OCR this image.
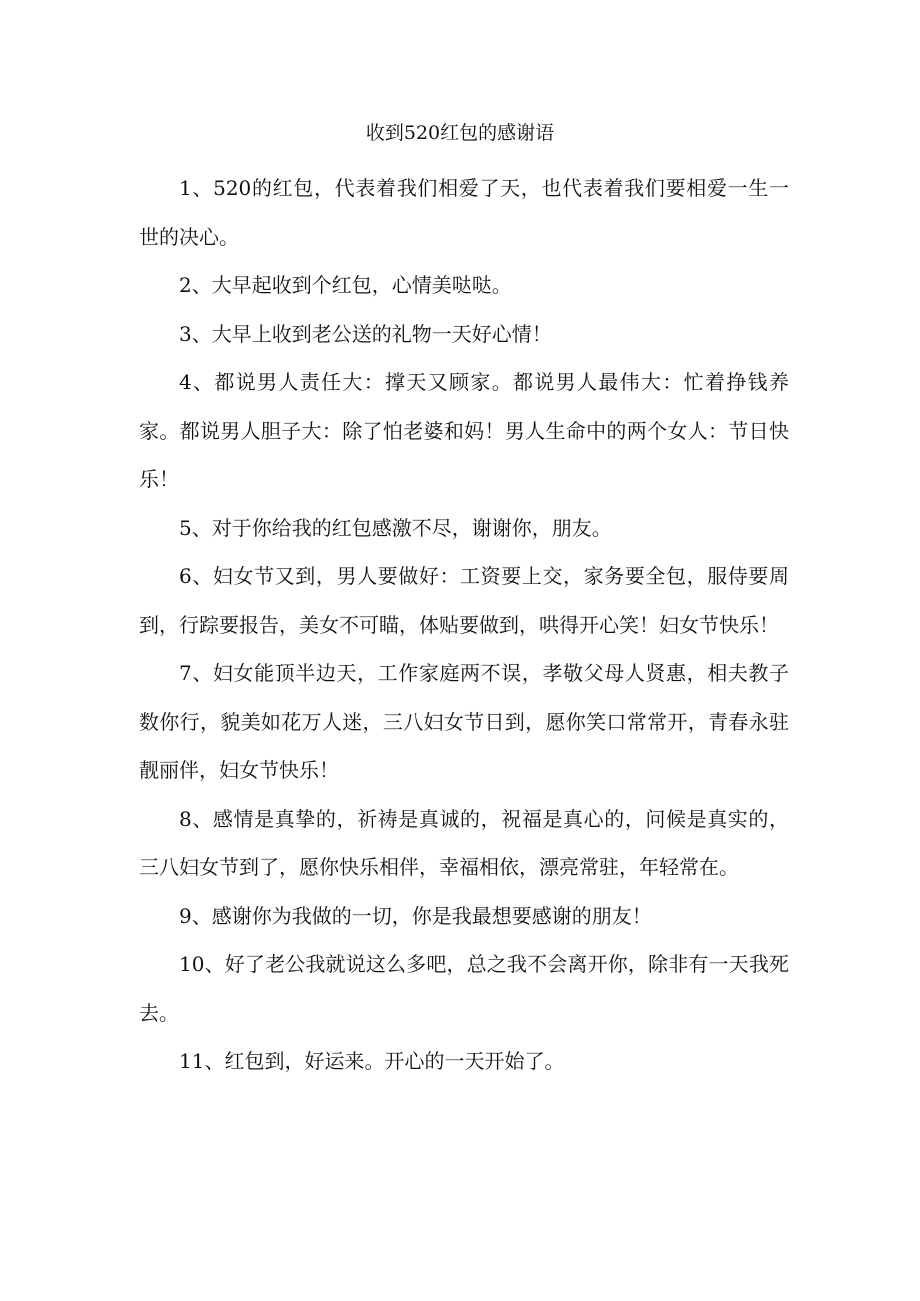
收到520红包的感谢语

1、520的红包，代表着我们相爱了天，也代表着我们要相爱一生一世的决心。

2、大早起收到个红包，心情美哒哒。

3、大早上收到老公送的礼物一天好心情！

4、都说男人责任大：撑天又顾家。都说男人最伟大：忙着挣钱养家。都说男人胆子大：除了怕老婆和妈！男人生命中的两个女人：节日快乐！

5、对于你给我的红包感激不尽，谢谢你，朋友。

6、妇女节又到，男人要做好：工资要上交，家务要全包，服侍要周到，行踪要报告，美女不可瞄，体贴要做到，哄得开心笑！妇女节快乐！

7、妇女能顶半边天，工作家庭两不误，孝敬父母人贤惠，相夫教子数你行，貌美如花万人迷，三八妇女节日到，愿你笑口常常开，青春永驻靓丽伴，妇女节快乐！

8、感情是真挚的，祈祷是真诚的，祝福是真心的，问候是真实的，三八妇女节到了，愿你快乐相伴，幸福相依，漂亮常驻，年轻常在。

9、感谢你为我做的一切，你是我最想要感谢的朋友！

10、好了老公我就说这么多吧，总之我不会离开你，除非有一天我死去。

11、红包到，好运来。开心的一天开始了。
